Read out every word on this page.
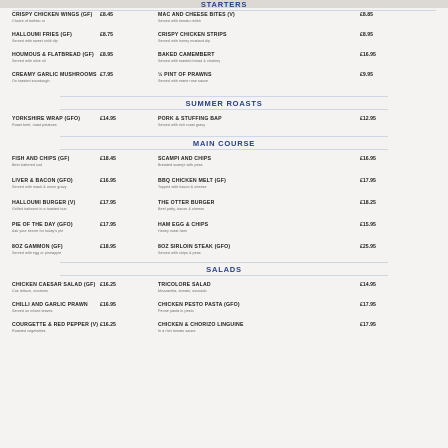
STARTERS
CRISPY CHICKEN WINGS (GF) £8.45
Choice of buffalo or
HALLOUMI FRIES (GF)	£8.75
Served with sweet chilli dip
HOUMOUS & FLATBREAD (GF) £8.95
Served with olive oil
CREAMY GARLIC MUSHROOMS £7.95
On toasted sourdough
MAC AND CHEESE BITES (V)	£8.85
Served with tomato relish
CRISPY CHICKEN STRIPS	£8.95
Served with honey mustard dip
BAKED CAMEMBERT	£16.95
Served with toasted bread & chutney
½ PINT OF PRAWNS	£9.95
Served with marie rose sauce
SUMMER ROASTS
YORKSHIRE WRAP (GFO)	£14.95
Roast beef, roast potatoes
PORK & STUFFING BAP	£12.95
Served with rich roast gravy
MAIN COURSE
FISH AND CHIPS (GF)	£18.45
Beer battered cod
LIVER & BACON (GFO)	£16.95
Served with mash & onion gravy
HALLOUMI BURGER (V)	£17.95
Grilled halloumi in a toasted bun
PIE OF THE DAY (GFO)	£17.95
Ask your server for today's pie
8OZ GAMMON (GF)	£18.95
Served with egg or pineapple
SCAMPI AND CHIPS	£16.95
Breaded scampi with peas
BBQ CHICKEN MELT (GF)	£17.95
Topped with bacon & cheese
THE OTTER BURGER	£18.25
Beef patty, bacon & cheese
HAM EGG & CHIPS	£15.95
Honey roast ham
8OZ SIRLOIN STEAK (GFO)	£25.95
Served with chips & peas
SALADS
CHICKEN CAESAR SALAD (GF) £16.25
Cos lettuce, croutons
CHILLI AND GARLIC PRAWN £16.95
Served on mixed leaves
COURGETTE & RED PEPPER (V) £16.25
Roasted vegetables
TRICOLORE SALAD	£14.95
Mozzarella, tomato, avocado
CHICKEN PESTO PASTA (GFO)	£17.95
Penne pasta in pesto
CHICKEN & CHORIZO LINGUINE	£17.95
In a rich tomato sauce
